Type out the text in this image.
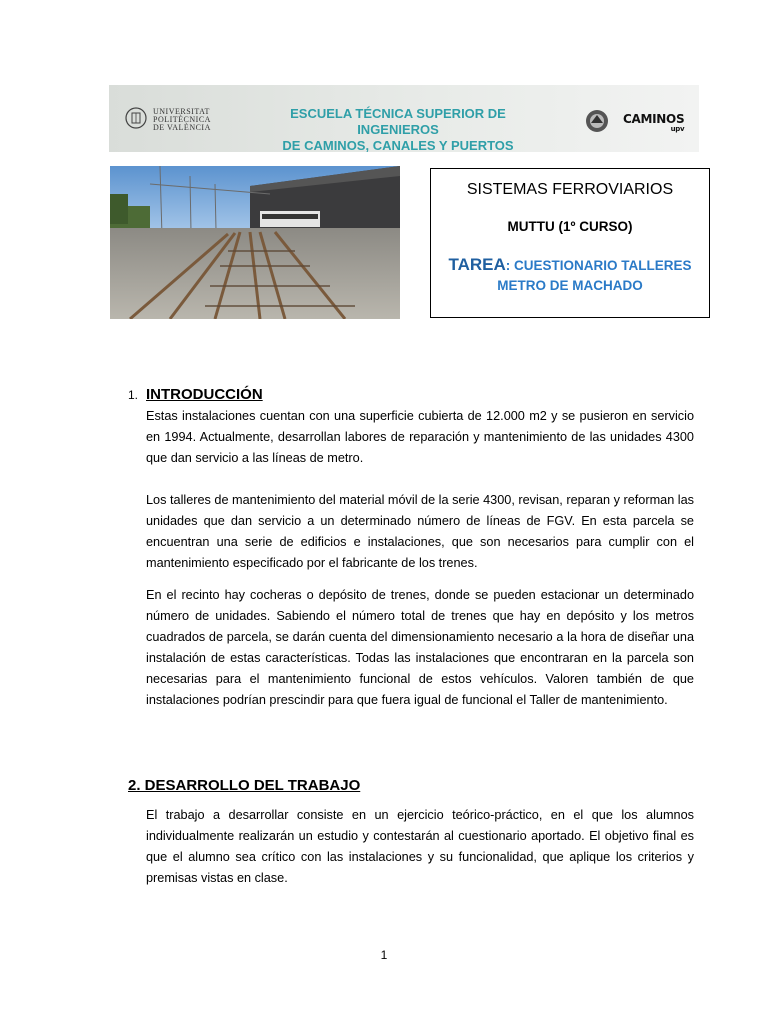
UNIVERSITAT
POLITÈCNICA
DE VALÈNCIA
ESCUELA TÉCNICA SUPERIOR DE INGENIEROS
DE CAMINOS, CANALES Y PUERTOS
CAMINOS
upv
SISTEMAS FERROVIARIOS
MUTTU (1º CURSO)
TAREA: CUESTIONARIO TALLERES
METRO DE MACHADO
1. INTRODUCCIÓN

Estas instalaciones cuentan con una superficie cubierta de 12.000 m2 y se pusieron en servicio en 1994. Actualmente, desarrollan labores de reparación y mantenimiento de las unidades 4300 que dan servicio a las líneas de metro.

Los talleres de mantenimiento del material móvil de la serie 4300, revisan, reparan y reforman las unidades que dan servicio a un determinado número de líneas de FGV. En esta parcela se encuentran una serie de edificios e instalaciones, que son necesarios para cumplir con el mantenimiento especificado por el fabricante de los trenes.

En el recinto hay cocheras o depósito de trenes, donde se pueden estacionar un determinado número de unidades. Sabiendo el número total de trenes que hay en depósito y los metros cuadrados de parcela, se darán cuenta del dimensionamiento necesario a la hora de diseñar una instalación de estas características. Todas las instalaciones que encontraran en la parcela son necesarias para el mantenimiento funcional de estos vehículos. Valoren también de que instalaciones podrían prescindir para que fuera igual de funcional el Taller de mantenimiento.

2. DESARROLLO DEL TRABAJO

El trabajo a desarrollar consiste en un ejercicio teórico-práctico, en el que los alumnos individualmente realizarán un estudio y contestarán al cuestionario aportado. El objetivo final es que el alumno sea crítico con las instalaciones y su funcionalidad, que aplique los criterios y premisas vistas en clase.

1
